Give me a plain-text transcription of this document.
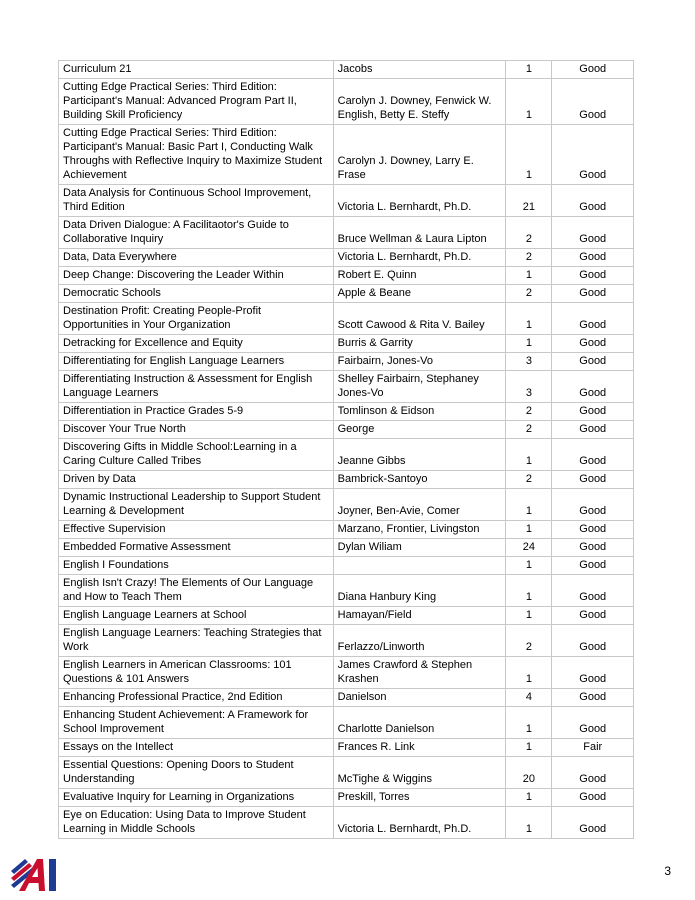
Curriculum 21	Jacobs	1	Good
Cutting Edge Practical Series: Third Edition: Participant's Manual: Advanced Program Part II, Building Skill Proficiency	Carolyn J. Downey, Fenwick W. English, Betty E. Steffy	1	Good
Cutting Edge Practical Series: Third Edition: Participant's Manual: Basic Part I, Conducting Walk Throughs with Reflective Inquiry to Maximize Student Achievement	Carolyn J. Downey, Larry E. Frase	1	Good
Data Analysis for Continuous School Improvement, Third Edition	Victoria L. Bernhardt, Ph.D.	21	Good
Data Driven Dialogue: A Facilitaotor's Guide to Collaborative Inquiry	Bruce Wellman & Laura Lipton	2	Good
Data, Data Everywhere	Victoria L. Bernhardt, Ph.D.	2	Good
Deep Change: Discovering the Leader Within	Robert E. Quinn	1	Good
Democratic Schools	Apple & Beane	2	Good
Destination Profit: Creating People-Profit Opportunities in Your Organization	Scott Cawood & Rita V. Bailey	1	Good
Detracking for Excellence and Equity	Burris & Garrity	1	Good
Differentiating for English Language Learners	Fairbairn, Jones-Vo	3	Good
Differentiating Instruction & Assessment for English Language Learners	Shelley Fairbairn, Stephaney Jones-Vo	3	Good
Differentiation in Practice Grades 5-9	Tomlinson & Eidson	2	Good
Discover Your True North	George	2	Good
Discovering Gifts in Middle School:Learning in a Caring Culture Called Tribes	Jeanne Gibbs	1	Good
Driven by Data	Bambrick-Santoyo	2	Good
Dynamic Instructional Leadership to Support Student Learning & Development	Joyner, Ben-Avie, Comer	1	Good
Effective Supervision	Marzano, Frontier, Livingston	1	Good
Embedded Formative Assessment	Dylan Wiliam	24	Good
English I Foundations		1	Good
English Isn't Crazy! The Elements of Our Language and How to Teach Them	Diana Hanbury King	1	Good
English Language Learners at School	Hamayan/Field	1	Good
English Language Learners: Teaching Strategies that Work	Ferlazzo/Linworth	2	Good
English Learners in American Classrooms: 101 Questions & 101 Answers	James Crawford & Stephen Krashen	1	Good
Enhancing Professional Practice, 2nd Edition	Danielson	4	Good
Enhancing Student Achievement: A Framework for School Improvement	Charlotte Danielson	1	Good
Essays on the Intellect	Frances R. Link	1	Fair
Essential Questions: Opening Doors to Student Understanding	McTighe & Wiggins	20	Good
Evaluative Inquiry for Learning in Organizations	Preskill, Torres	1	Good
Eye on Education: Using Data to Improve Student Learning in Middle Schools	Victoria L. Bernhardt, Ph.D.	1	Good
3
